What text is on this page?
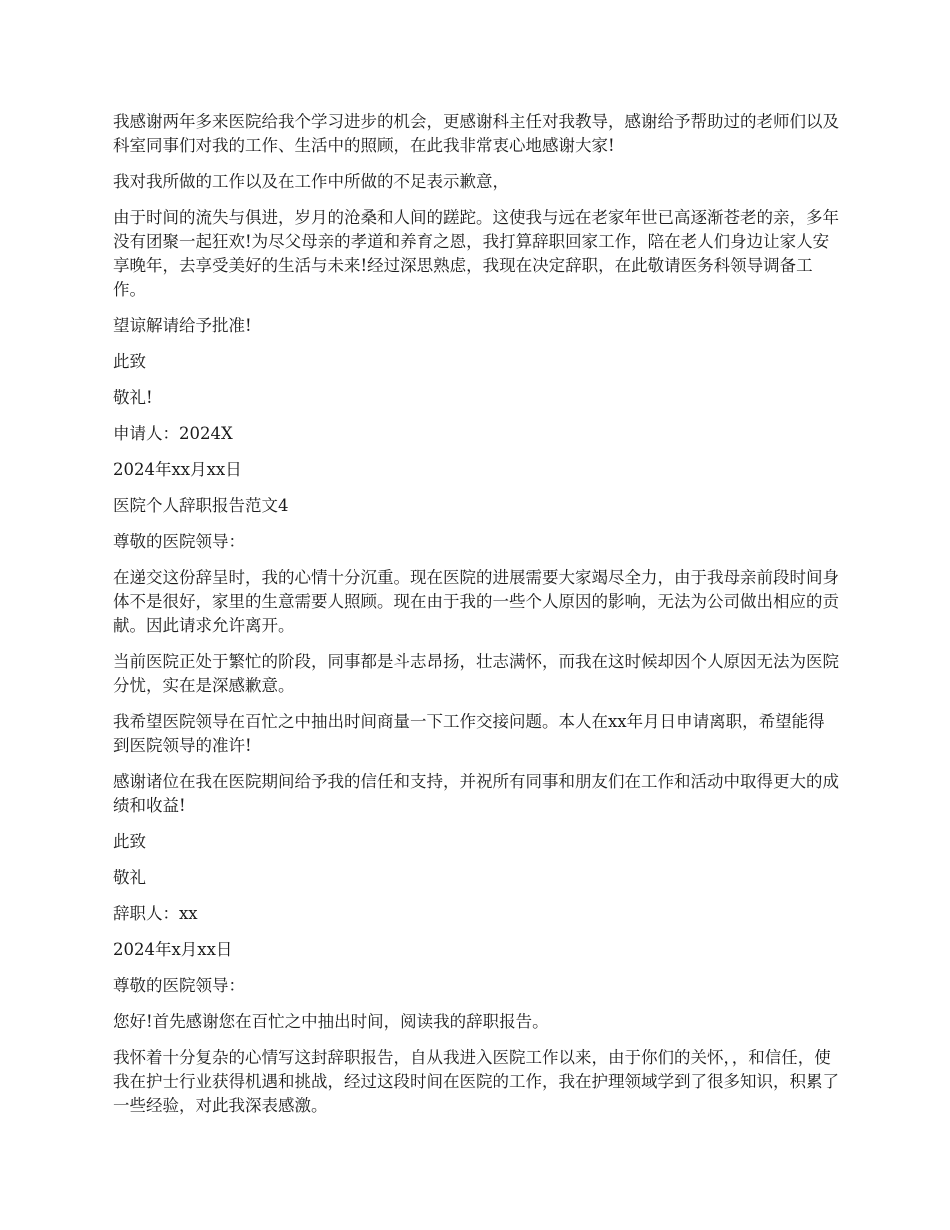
我感谢两年多来医院给我个学习进步的机会，更感谢科主任对我教导，感谢给予帮助过的老师们以及科室同事们对我的工作、生活中的照顾，在此我非常衷心地感谢大家!

我对我所做的工作以及在工作中所做的不足表示歉意，

由于时间的流失与俱进，岁月的沧桑和人间的蹉跎。这使我与远在老家年世已高逐渐苍老的亲，多年没有团聚一起狂欢!为尽父母亲的孝道和养育之恩，我打算辞职回家工作，陪在老人们身边让家人安享晚年，去享受美好的生活与未来!经过深思熟虑，我现在决定辞职，在此敬请医务科领导调备工作。

望谅解请给予批准!

此致

敬礼!

申请人：2024X

2024年xx月xx日

医院个人辞职报告范文4

尊敬的医院领导：

在递交这份辞呈时，我的心情十分沉重。现在医院的进展需要大家竭尽全力，由于我母亲前段时间身体不是很好，家里的生意需要人照顾。现在由于我的一些个人原因的影响，无法为公司做出相应的贡献。因此请求允许离开。

当前医院正处于繁忙的阶段，同事都是斗志昂扬，壮志满怀，而我在这时候却因个人原因无法为医院分忧，实在是深感歉意。

我希望医院领导在百忙之中抽出时间商量一下工作交接问题。本人在xx年月日申请离职，希望能得到医院领导的准许!

感谢诸位在我在医院期间给予我的信任和支持，并祝所有同事和朋友们在工作和活动中取得更大的成绩和收益!

此致

敬礼

辞职人：xx

2024年x月xx日

尊敬的医院领导：

您好!首先感谢您在百忙之中抽出时间，阅读我的辞职报告。

我怀着十分复杂的心情写这封辞职报告，自从我进入医院工作以来，由于你们的关怀，，和信任，使我在护士行业获得机遇和挑战，经过这段时间在医院的工作，我在护理领域学到了很多知识，积累了一些经验，对此我深表感激。
